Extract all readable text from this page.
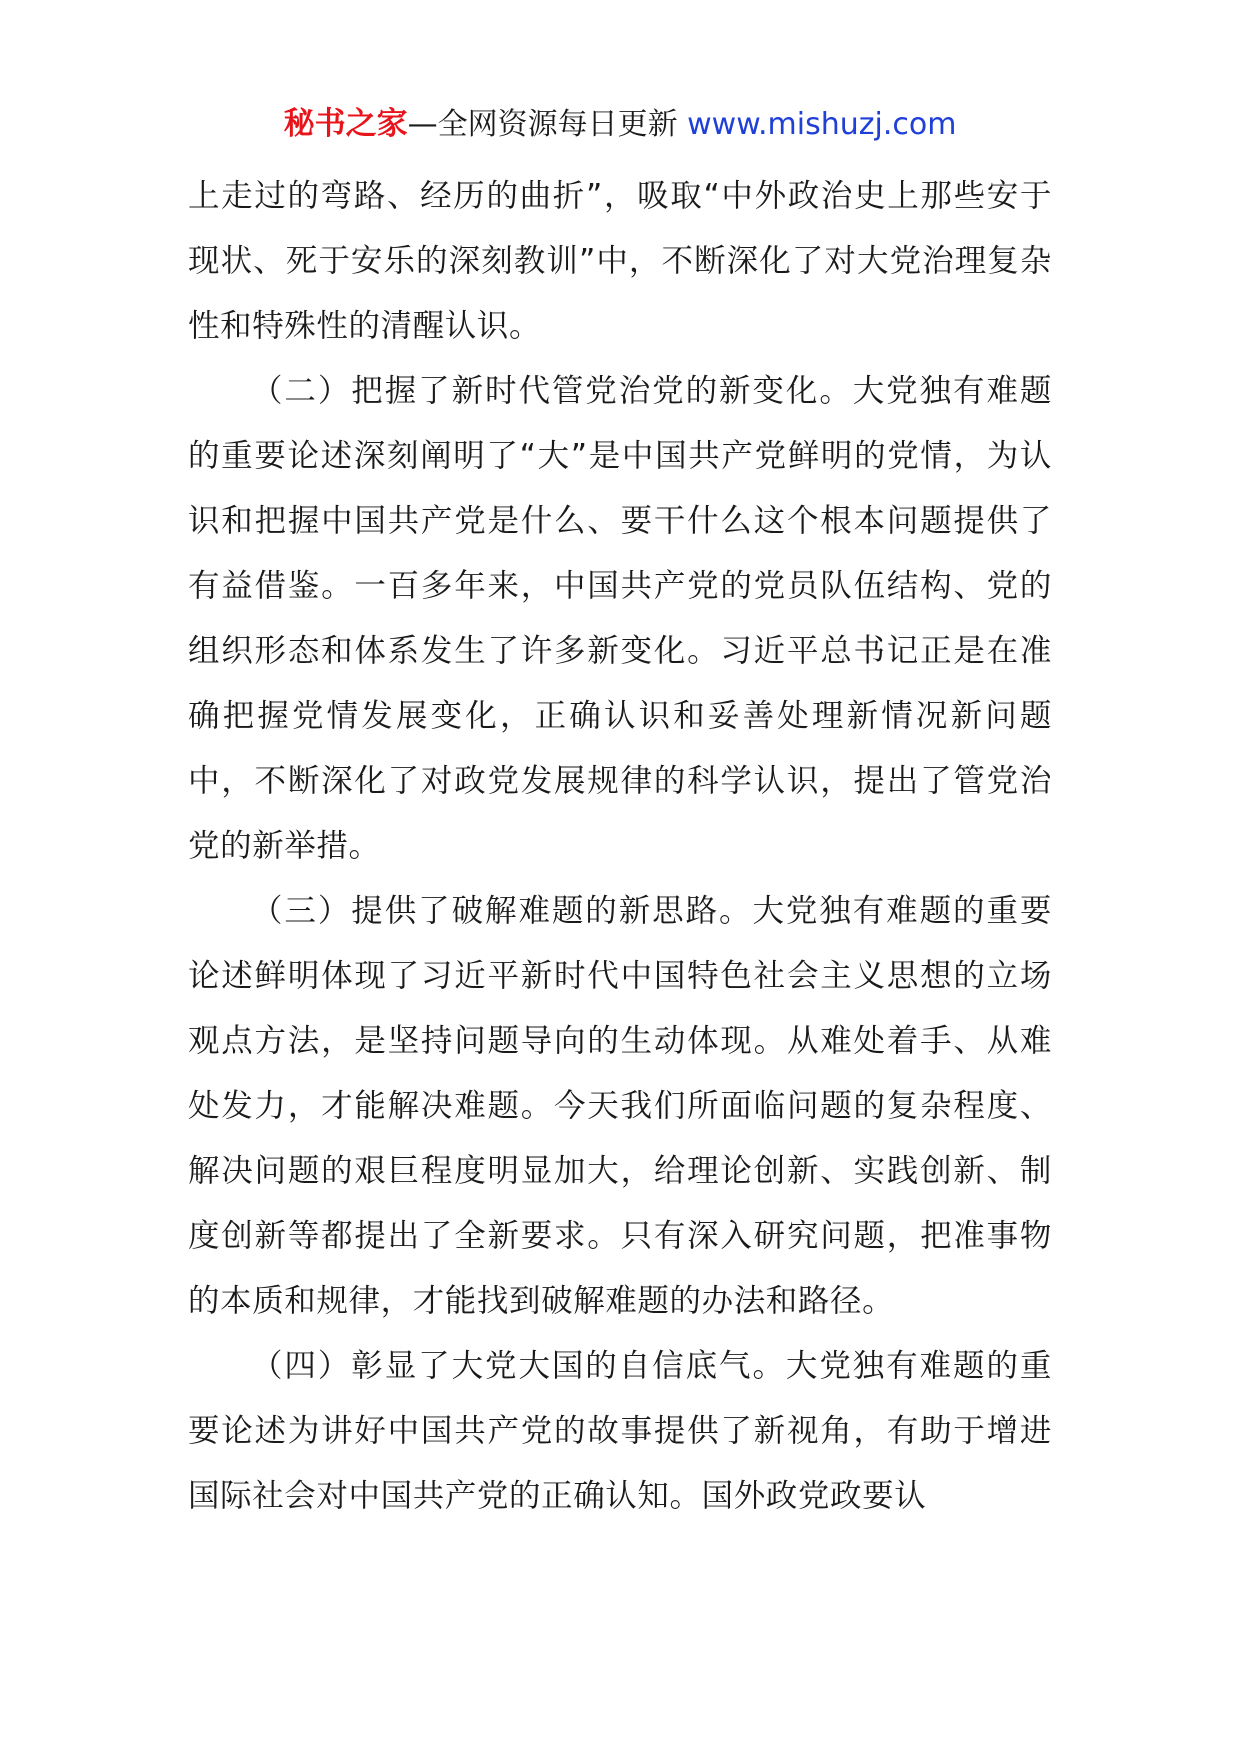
秘书之家—全网资源每日更新 www.mishuzj.com

上走过的弯路、经历的曲折”，吸取“中外政治史上那些安于现状、死于安乐的深刻教训”中，不断深化了对大党治理复杂性和特殊性的清醒认识。

（二）把握了新时代管党治党的新变化。大党独有难题的重要论述深刻阐明了“大”是中国共产党鲜明的党情，为认识和把握中国共产党是什么、要干什么这个根本问题提供了有益借鉴。一百多年来，中国共产党的党员队伍结构、党的组织形态和体系发生了许多新变化。习近平总书记正是在准确把握党情发展变化，正确认识和妥善处理新情况新问题中，不断深化了对政党发展规律的科学认识，提出了管党治党的新举措。

（三）提供了破解难题的新思路。大党独有难题的重要论述鲜明体现了习近平新时代中国特色社会主义思想的立场观点方法，是坚持问题导向的生动体现。从难处着手、从难处发力，才能解决难题。今天我们所面临问题的复杂程度、解决问题的艰巨程度明显加大，给理论创新、实践创新、制度创新等都提出了全新要求。只有深入研究问题，把准事物的本质和规律，才能找到破解难题的办法和路径。

（四）彰显了大党大国的自信底气。大党独有难题的重要论述为讲好中国共产党的故事提供了新视角，有助于增进国际社会对中国共产党的正确认知。国外政党政要认
